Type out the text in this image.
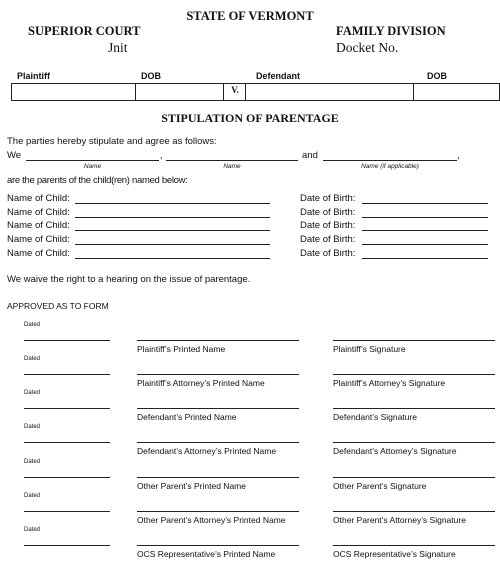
STATE OF VERMONT
SUPERIOR COURT	FAMILY DIVISION
Jnit	Docket No.
Plaintiff	DOB	Defendant	DOB
V.
STIPULATION OF PARENTAGE
The parties hereby stipulate and agree as follows:
We	,	and	,
Name	Name	Name (if applicable)
are the parents of the child(ren) named below:
Name of Child:	Date of Birth:
Name of Child:	Date of Birth:
Name of Child:	Date of Birth:
Name of Child:	Date of Birth:
Name of Child:	Date of Birth:
We waive the right to a hearing on the issue of parentage.
APPROVED AS TO FORM
Dated
Plaintiff’s Printed Name	Plaintiff’s Signature
Dated
Plaintiff’s Attorney’s Printed Name	Plaintiff’s Attorney’s Signature
Dated
Defendant’s Printed Name	Defendant’s Signature
Dated
Defendant’s Attorney’s Printed Name	Defendant’s Attorney’s Signature
Dated
Other Parent’s Printed Name	Other Parent’s Signature
Dated
Other Parent’s Attorney’s Printed Name	Other Parent’s Attorney’s Signature
Dated
OCS Representative’s Printed Name	OCS Representative’s Signature
